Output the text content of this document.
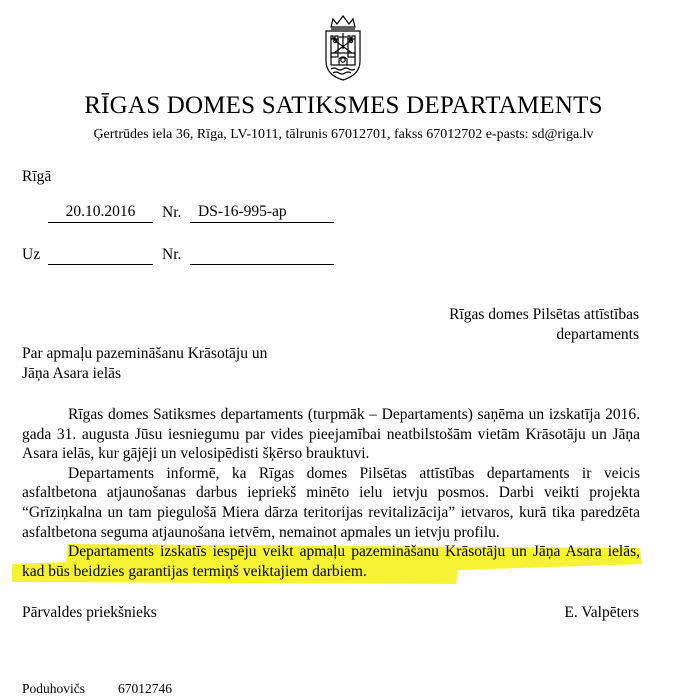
RĪGAS DOMES SATIKSMES DEPARTAMENTS
Ģertrūdes iela 36, Rīga, LV-1011, tālrunis 67012701, fakss 67012702 e-pasts: sd@riga.lv
Rīgā
20.10.2016	Nr.	DS-16-995-ap
Uz	Nr.
Rīgas domes Pilsētas attīstības
departaments
Par apmaļu pazemināšanu Krāsotāju un
Jāņa Asara ielās

Rīgas domes Satiksmes departaments (turpmāk – Departaments) saņēma un izskatīja 2016. gada 31. augusta Jūsu iesniegumu par vides pieejamībai neatbilstošām vietām Krāsotāju un Jāņa Asara ielās, kur gājēji un velosipēdisti šķērso brauktuvi.

Departaments informē, ka Rīgas domes Pilsētas attīstības departaments ir veicis asfaltbetona atjaunošanas darbus iepriekš minēto ielu ietvju posmos. Darbi veikti projekta “Grīziņkalna un tam piegulošā Miera dārza teritorijas revitalizācija” ietvaros, kurā tika paredzēta asfaltbetona seguma atjaunošana ietvēm, nemainot apmales un ietvju profilu.

Departaments izskatīs iespēju veikt apmaļu pazemināšanu Krāsotāju un Jāņa Asara ielās, kad būs beidzies garantijas termiņš veiktajiem darbiem.

Pārvaldes priekšnieks	E. Valpēters
Poduhovičs 67012746
